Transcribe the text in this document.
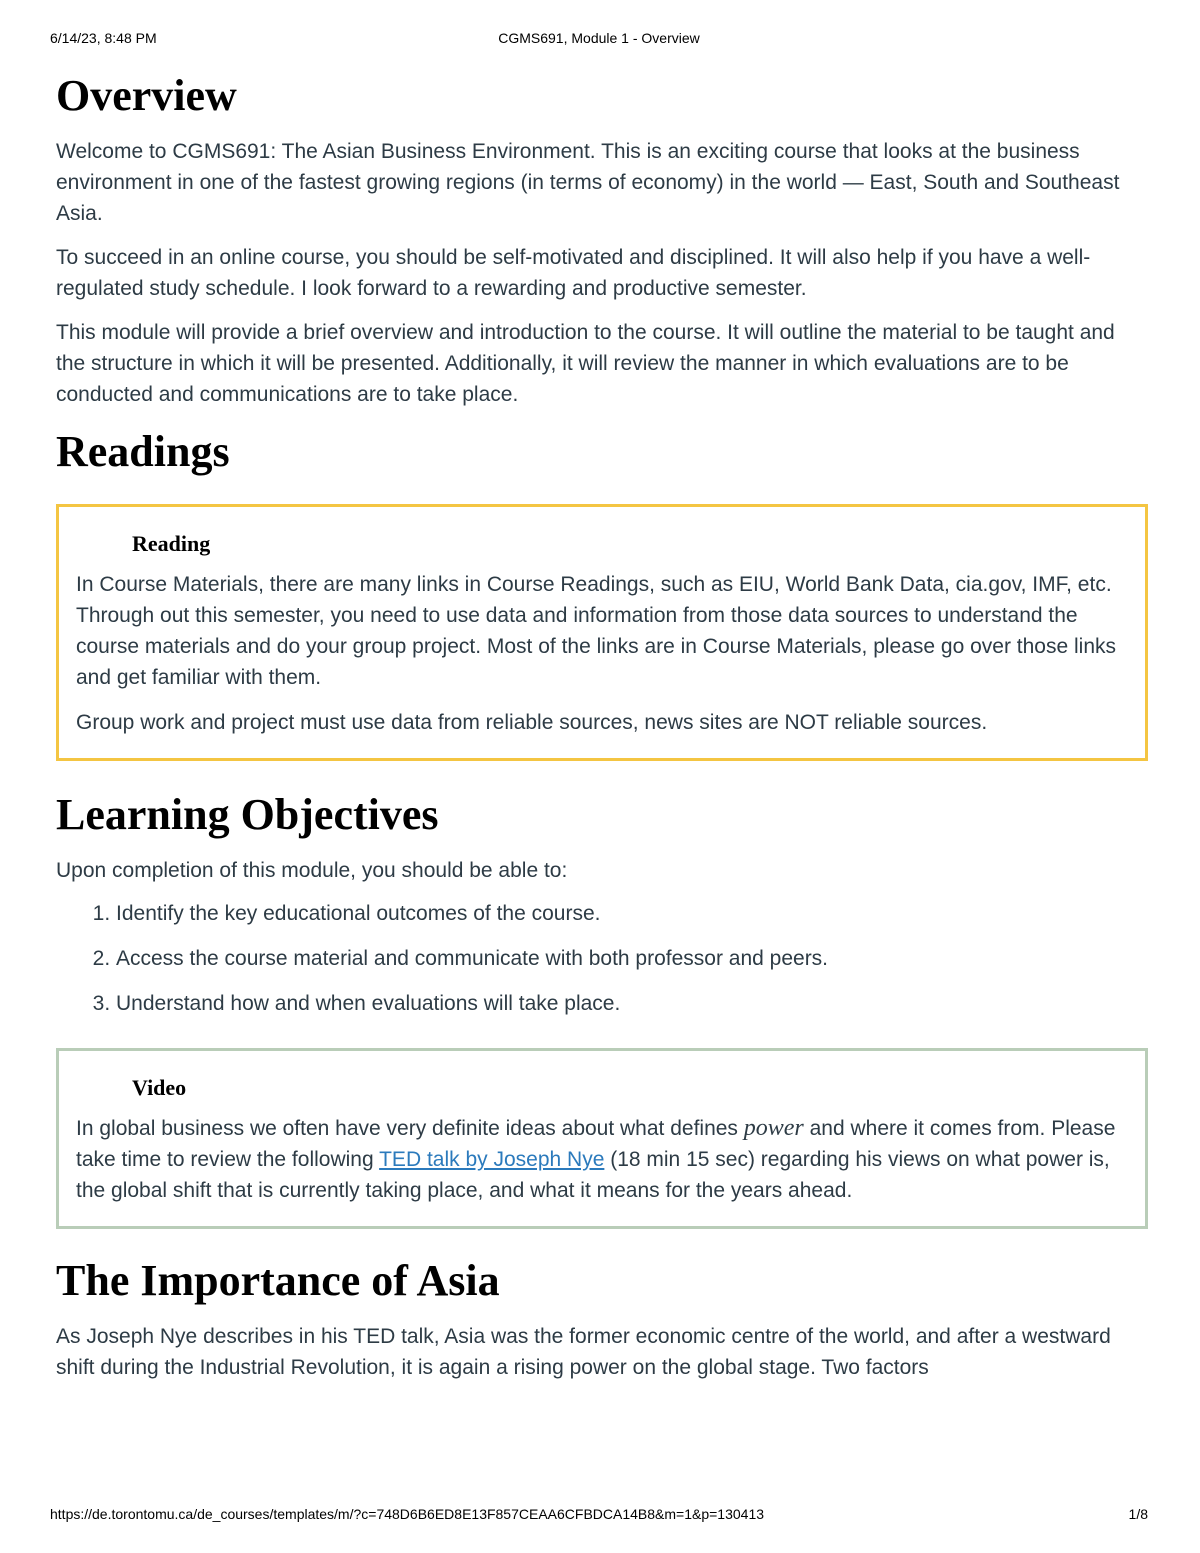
6/14/23, 8:48 PM	CGMS691, Module 1 - Overview
Overview

Welcome to CGMS691: The Asian Business Environment. This is an exciting course that looks at the business environment in one of the fastest growing regions (in terms of economy) in the world — East, South and Southeast Asia.

To succeed in an online course, you should be self-motivated and disciplined. It will also help if you have a well-regulated study schedule. I look forward to a rewarding and productive semester.

This module will provide a brief overview and introduction to the course. It will outline the material to be taught and the structure in which it will be presented. Additionally, it will review the manner in which evaluations are to be conducted and communications are to take place.

Readings
Reading

In Course Materials, there are many links in Course Readings, such as EIU, World Bank Data, cia.gov, IMF, etc. Through out this semester, you need to use data and information from those data sources to understand the course materials and do your group project. Most of the links are in Course Materials, please go over those links and get familiar with them.

Group work and project must use data from reliable sources, news sites are NOT reliable sources.

Learning Objectives

Upon completion of this module, you should be able to:

1. Identify the key educational outcomes of the course.
2. Access the course material and communicate with both professor and peers.
3. Understand how and when evaluations will take place.
Video

In global business we often have very definite ideas about what defines power and where it comes from. Please take time to review the following TED talk by Joseph Nye (18 min 15 sec) regarding his views on what power is, the global shift that is currently taking place, and what it means for the years ahead.

The Importance of Asia

As Joseph Nye describes in his TED talk, Asia was the former economic centre of the world, and after a westward shift during the Industrial Revolution, it is again a rising power on the global stage. Two factors

https://de.torontomu.ca/de_courses/templates/m/?c=748D6B6ED8E13F857CEAA6CFBDCA14B8&m=1&p=130413	1/8
